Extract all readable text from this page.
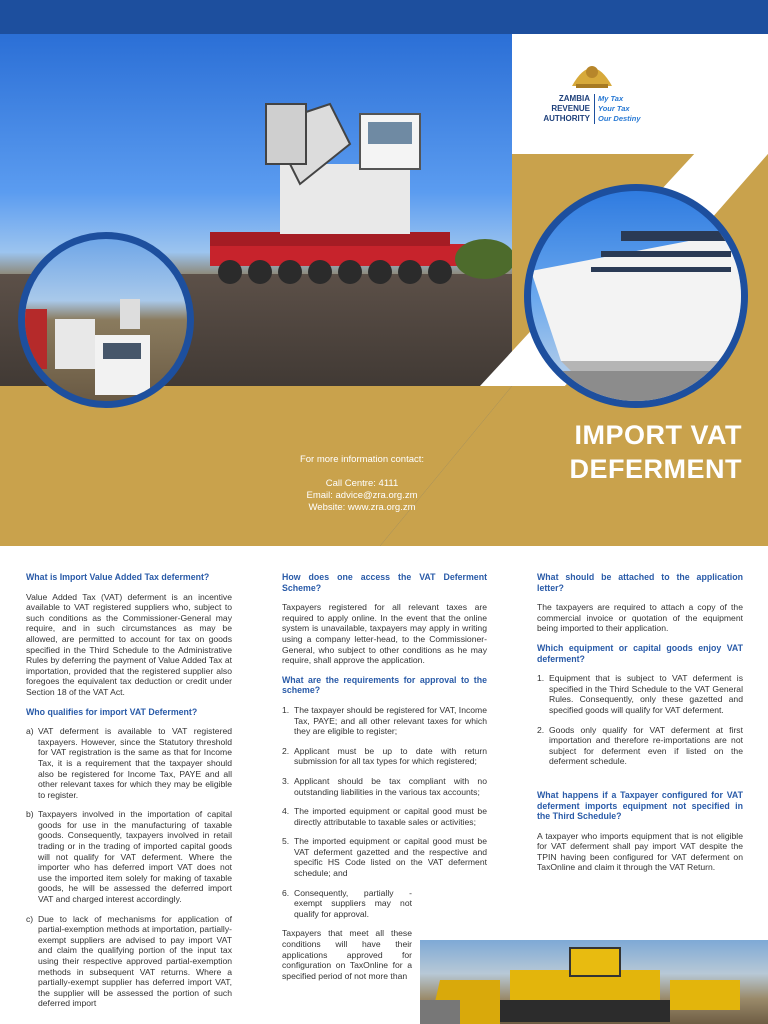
ZAMBIA
REVENUE
AUTHORITY
My Tax
Your Tax
Our Destiny
IMPORT VAT
DEFERMENT
For more information contact:
Call Centre: 4111
Email: advice@zra.org.zm
Website: www.zra.org.zm
What is Import Value Added Tax deferment?
Value Added Tax (VAT) deferment is an incentive available to VAT registered suppliers who, subject to such conditions as the Commissioner-General may require, and in such circumstances as may be allowed, are permitted to account for tax on goods specified in the Third Schedule to the Administrative Rules by deferring the payment of Value Added Tax at importation, provided that the registered supplier also foregoes the equivalent tax deduction or credit under Section 18 of the VAT Act.
Who qualifies for import VAT Deferment?
a) VAT deferment is available to VAT registered taxpayers. However, since the Statutory threshold for VAT registration is the same as that for Income Tax, it is a requirement that the taxpayer should also be registered for Income Tax, PAYE and all other relevant taxes for which they may be eligible to register.
b) Taxpayers involved in the importation of capital goods for use in the manufacturing of taxable goods. Consequently, taxpayers involved in retail trading or in the trading of imported capital goods will not qualify for VAT deferment. Where the importer who has deferred import VAT does not use the imported item solely for making of taxable goods, he will be assessed the deferred import VAT and charged interest accordingly.
c) Due to lack of mechanisms for application of partial-exemption methods at importation, partially-exempt suppliers are advised to pay import VAT and claim the qualifying portion of the input tax using their respective approved partial-exemption methods in subsequent VAT returns. Where a partially-exempt supplier has deferred import VAT, the supplier will be assessed the portion of such deferred import
How does one access the VAT Deferment Scheme?
Taxpayers registered for all relevant taxes are required to apply online. In the event that the online system is unavailable, taxpayers may apply in writing using a company letter-head, to the Commissioner-General, who subject to other conditions as he may require, shall approve the application.
What are the requirements for approval to the scheme?
1. The taxpayer should be registered for VAT, Income Tax, PAYE; and all other relevant taxes for which they are eligible to register;
2. Applicant must be up to date with return submission for all tax types for which registered;
3. Applicant should be tax compliant with no outstanding liabilities in the various tax accounts;
4. The imported equipment or capital good must be directly attributable to taxable sales or activities;
5. The imported equipment or capital good must be VAT deferment gazetted and the respective and specific HS Code listed on the VAT deferment schedule; and
6. Consequently, partially - exempt suppliers may not qualify for approval.
Taxpayers that meet all these conditions will have their applications approved for configuration on TaxOnline for a specified period of not more than
What should be attached to the application letter?
The taxpayers are required to attach a copy of the commercial invoice or quotation of the equipment being imported to their application.
Which equipment or capital goods enjoy VAT deferment?
1. Equipment that is subject to VAT deferment is specified in the Third Schedule to the VAT General Rules. Consequently, only these gazetted and specified goods will qualify for VAT deferment.
2. Goods only qualify for VAT deferment at first importation and therefore re-importations are not subject for deferment even if listed on the deferment schedule.
What happens if a Taxpayer configured for VAT deferment imports equipment not specified in the Third Schedule?
A taxpayer who imports equipment that is not eligible for VAT deferment shall pay import VAT despite the TPIN having been configured for VAT deferment on TaxOnline and claim it through the VAT Return.
